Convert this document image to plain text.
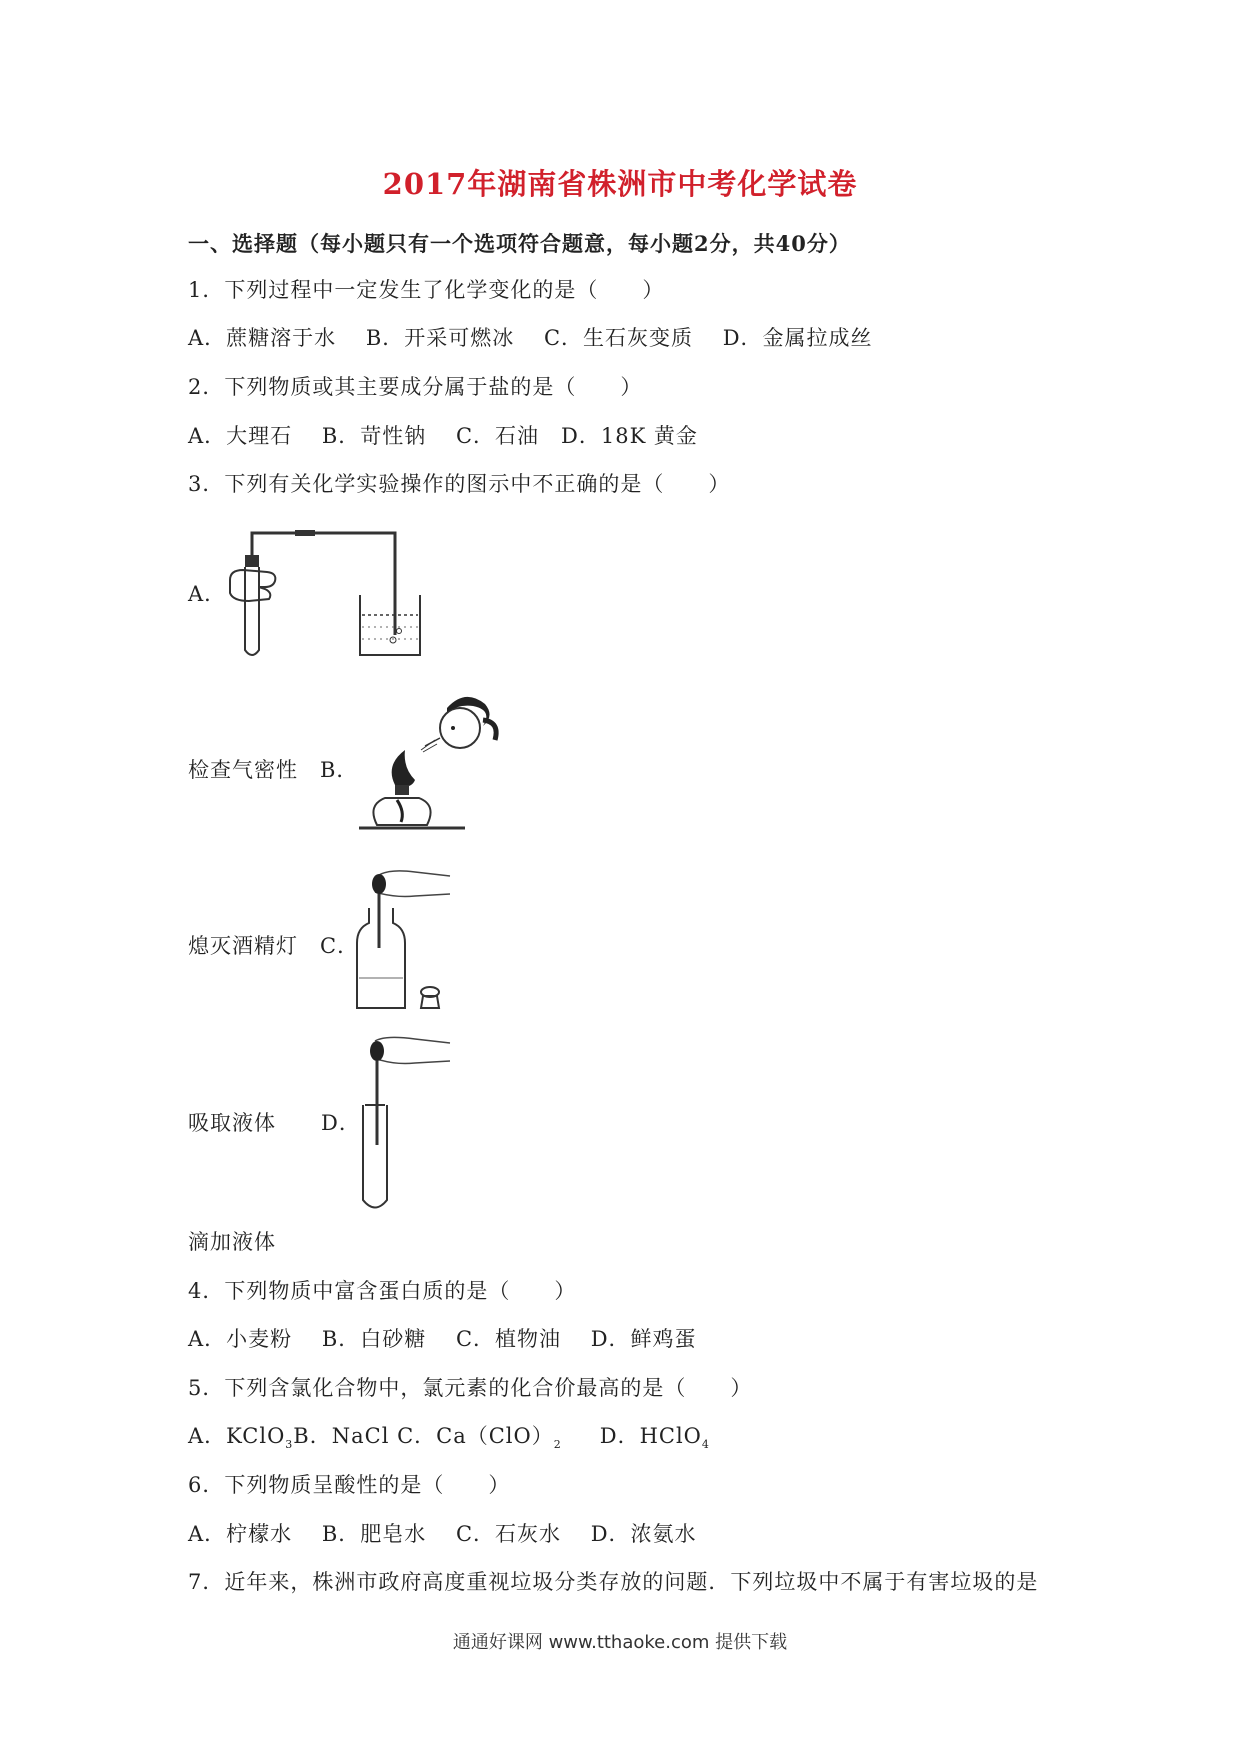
2017年湖南省株洲市中考化学试卷
一、选择题（每小题只有一个选项符合题意，每小题2分，共40分）
1．下列过程中一定发生了化学变化的是（　　）
A．蔗糖溶于水　 B．开采可燃冰　 C．生石灰变质　 D．金属拉成丝
2．下列物质或其主要成分属于盐的是（　　）
A．大理石　 B．苛性钠　 C．石油　D．18K 黄金
3．下列有关化学实验操作的图示中不正确的是（　　）
A．
检查气密性 B．
熄灭酒精灯 C．
吸取液体 D．
滴加液体
4．下列物质中富含蛋白质的是（　　）
A．小麦粉　 B．白砂糖　 C．植物油　 D．鲜鸡蛋
5．下列含氯化合物中，氯元素的化合价最高的是（　　）
A．KClO$_3$B．NaCl C．$Ca(ClO)_2$　D．HClO$_4$
6．下列物质呈酸性的是（　　）
A．柠檬水　 B．肥皂水　 C．石灰水　 D．浓氨水
7．近年来，株洲市政府高度重视垃圾分类存放的问题．下列垃圾中不属于有害垃圾的是
通通好课网 www.tthaoke.com 提供下载
